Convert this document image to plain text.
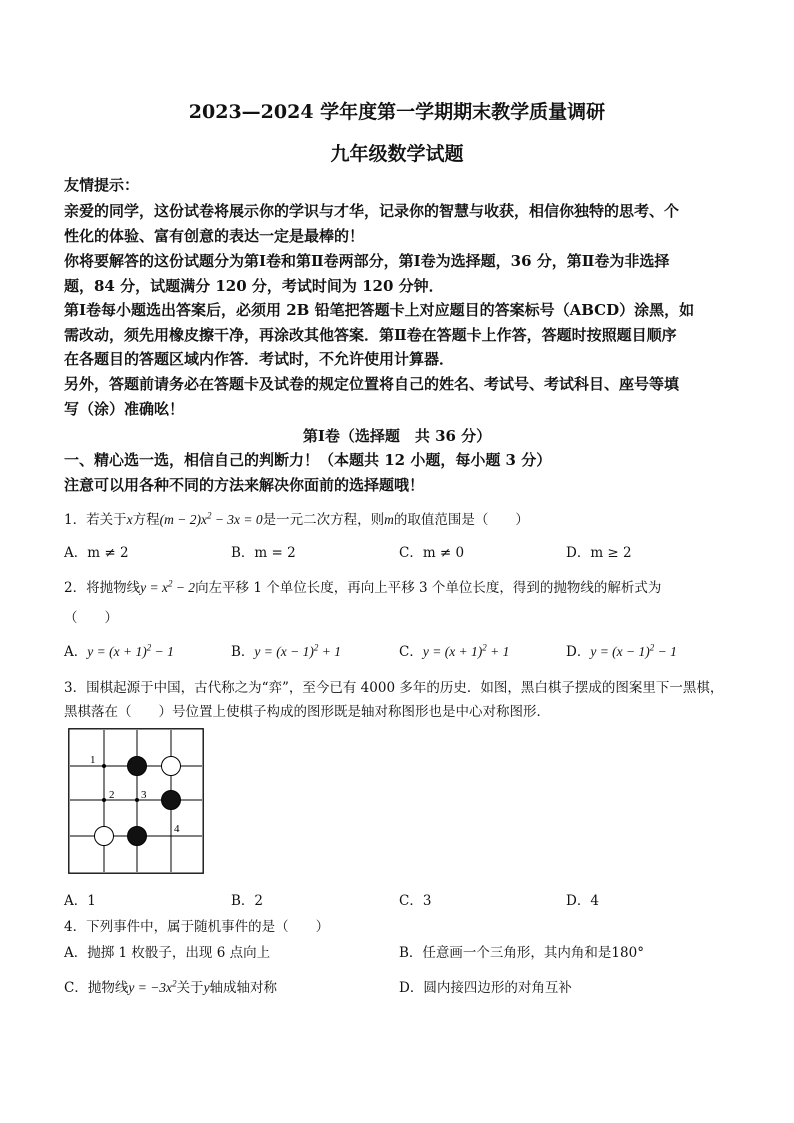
2023—2024 学年度第一学期期末教学质量调研
九年级数学试题
友情提示：
亲爱的同学，这份试卷将展示你的学识与才华，记录你的智慧与收获，相信你独特的思考、个
性化的体验、富有创意的表达一定是最棒的！
你将要解答的这份试题分为第Ⅰ卷和第Ⅱ卷两部分，第Ⅰ卷为选择题，36 分，第Ⅱ卷为非选择
题，84 分，试题满分 120 分，考试时间为 120 分钟．
第Ⅰ卷每小题选出答案后，必须用 2B 铅笔把答题卡上对应题目的答案标号（ABCD）涂黑，如
需改动，须先用橡皮擦干净，再涂改其他答案．第Ⅱ卷在答题卡上作答，答题时按照题目顺序
在各题目的答题区域内作答．考试时，不允许使用计算器．
另外，答题前请务必在答题卡及试卷的规定位置将自己的姓名、考试号、考试科目、座号等填
写（涂）准确吆！
第Ⅰ卷（选择题　共 36 分）
一、精心选一选，相信自己的判断力！（本题共 12 小题，每小题 3 分）
注意可以用各种不同的方法来解决你面前的选择题哦！
1．若关于x方程$(m - 2)x^2 - 3x = 0$是一元二次方程，则m的取值范围是（　　）
A．m ≠ 2	B．m = 2	C．m ≠ 0	D．m ≥ 2
2．将抛物线$y = x^2 - 2$向左平移 1 个单位长度，再向上平移 3 个单位长度，得到的抛物线的解析式为
（　　）
A．$y = (x + 1)^2 - 1$	B．$y = (x - 1)^2 + 1$	C．$y = (x + 1)^2 + 1$	D．$y = (x - 1)^2 - 1$
3．围棋起源于中国，古代称之为“弈”，至今已有 4000 多年的历史．如图，黑白棋子摆成的图案里下一黑棋，
黑棋落在（　　）号位置上使棋子构成的图形既是轴对称图形也是中心对称图形．
1
2 3
4
A．1	B．2	C．3	D．4
4．下列事件中，属于随机事件的是（　　）
A．抛掷 1 枚骰子，出现 6 点向上	B．任意画一个三角形，其内角和是180°
C．抛物线$y = -3x^2$关于y轴成轴对称	D．圆内接四边形的对角互补
